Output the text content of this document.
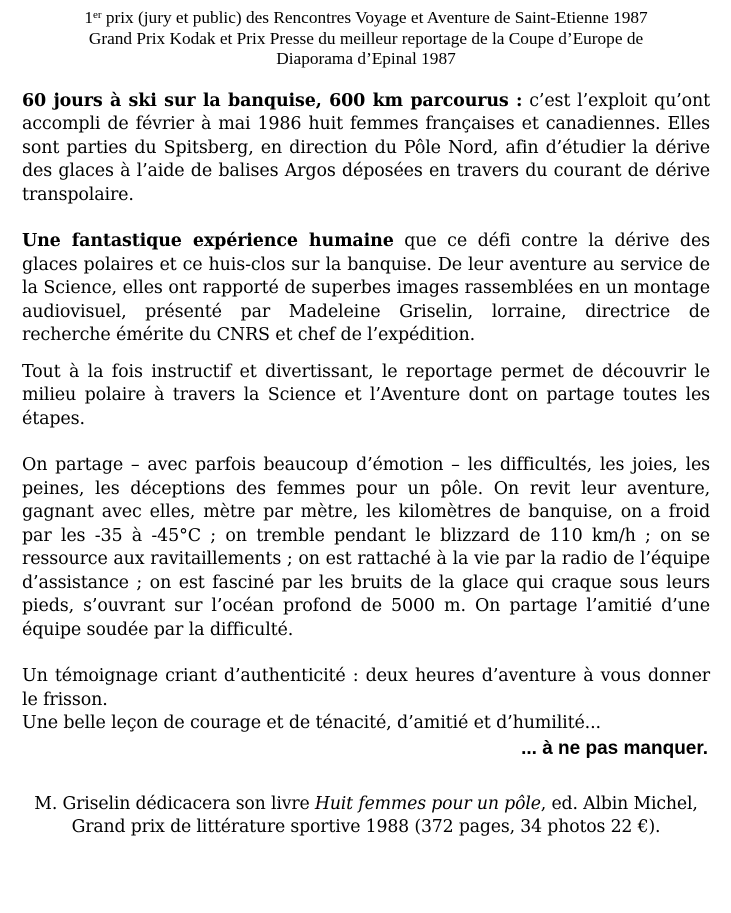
1er prix (jury et public) des Rencontres Voyage et Aventure de Saint-Etienne 1987
Grand Prix Kodak et Prix Presse du meilleur reportage de la Coupe d’Europe de
Diaporama d’Epinal 1987

60 jours à ski sur la banquise, 600 km parcourus : c’est l’exploit qu’ont accompli de février à mai 1986 huit femmes françaises et canadiennes. Elles sont parties du Spitsberg, en direction du Pôle Nord, afin d’étudier la dérive des glaces à l’aide de balises Argos déposées en travers du courant de dérive transpolaire.

Une fantastique expérience humaine que ce défi contre la dérive des glaces polaires et ce huis-clos sur la banquise. De leur aventure au service de la Science, elles ont rapporté de superbes images rassemblées en un montage audiovisuel, présenté par Madeleine Griselin, lorraine, directrice de recherche émérite du CNRS et chef de l’expédition.

Tout à la fois instructif et divertissant, le reportage permet de découvrir le milieu polaire à travers la Science et l’Aventure dont on partage toutes les étapes.

On partage – avec parfois beaucoup d’émotion – les difficultés, les joies, les peines, les déceptions des femmes pour un pôle. On revit leur aventure, gagnant avec elles, mètre par mètre, les kilomètres de banquise, on a froid par les -35 à -45°C ; on tremble pendant le blizzard de 110 km/h ; on se ressource aux ravitaillements ; on est rattaché à la vie par la radio de l’équipe d’assistance ; on est fasciné par les bruits de la glace qui craque sous leurs pieds, s’ouvrant sur l’océan profond de 5000 m. On partage l’amitié d’une équipe soudée par la difficulté.

Un témoignage criant d’authenticité : deux heures d’aventure à vous donner le frisson.

Une belle leçon de courage et de ténacité, d’amitié et d’humilité...

... à ne pas manquer.
M. Griselin dédicacera son livre Huit femmes pour un pôle, ed. Albin Michel,
Grand prix de littérature sportive 1988 (372 pages, 34 photos 22 €).
